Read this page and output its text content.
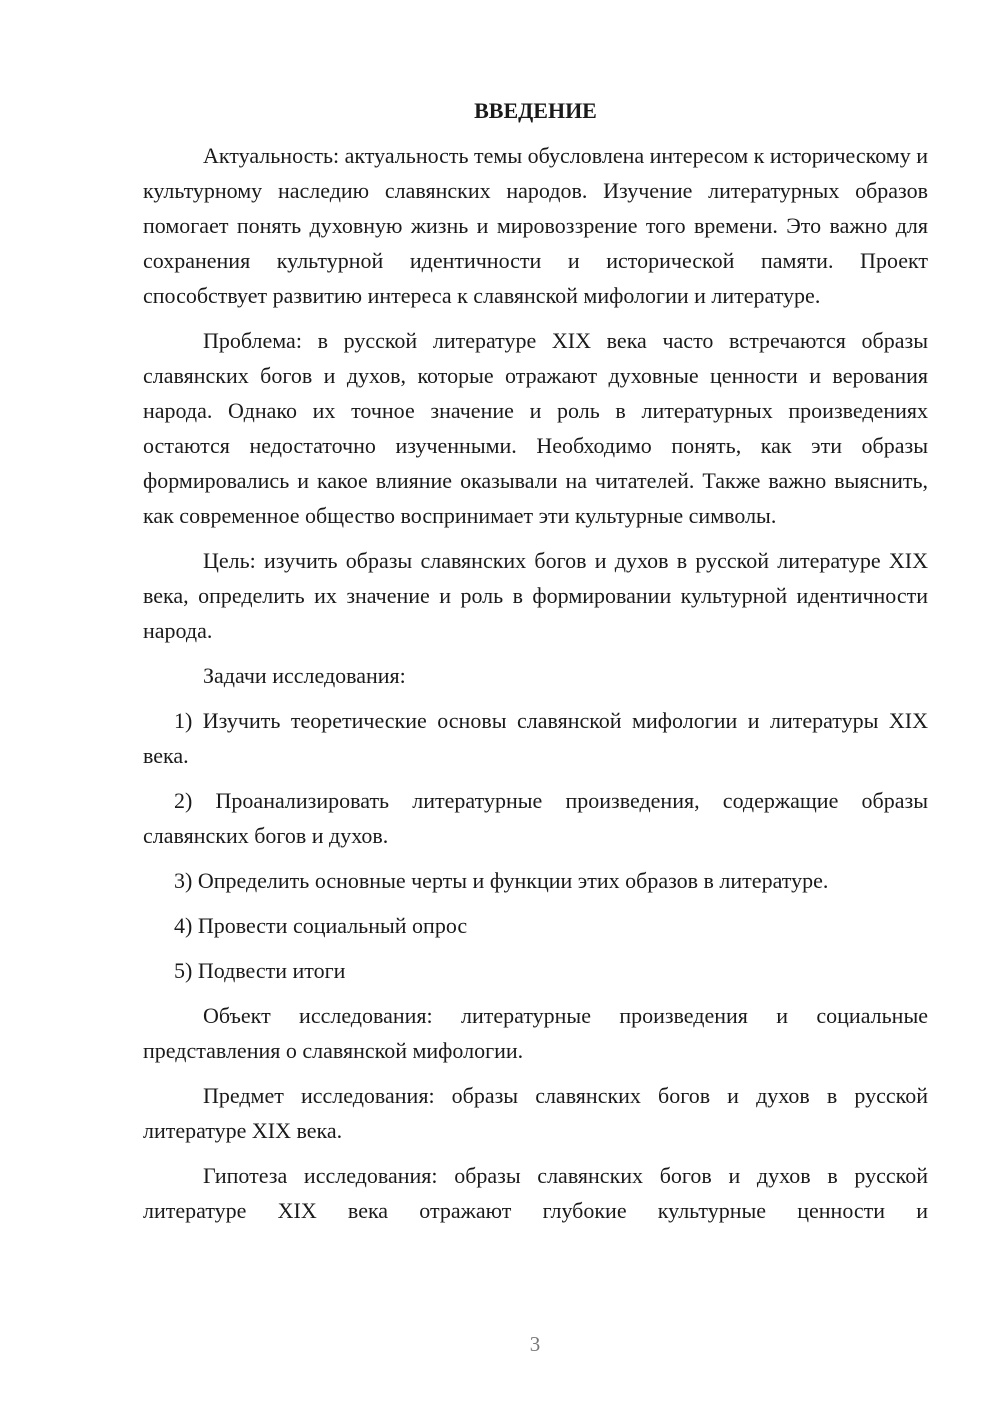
ВВЕДЕНИЕ

Актуальность: актуальность темы обусловлена интересом к историческому и культурному наследию славянских народов. Изучение литературных образов помогает понять духовную жизнь и мировоззрение того времени. Это важно для сохранения культурной идентичности и исторической памяти. Проект способствует развитию интереса к славянской мифологии и литературе.

Проблема: в русской литературе XIX века часто встречаются образы славянских богов и духов, которые отражают духовные ценности и верования народа. Однако их точное значение и роль в литературных произведениях остаются недостаточно изученными. Необходимо понять, как эти образы формировались и какое влияние оказывали на читателей. Также важно выяснить, как современное общество воспринимает эти культурные символы.

Цель: изучить образы славянских богов и духов в русской литературе XIX века, определить их значение и роль в формировании культурной идентичности народа.

Задачи исследования:

1) Изучить теоретические основы славянской мифологии и литературы XIX века.

2) Проанализировать литературные произведения, содержащие образы славянских богов и духов.

3) Определить основные черты и функции этих образов в литературе.

4) Провести социальный опрос

5) Подвести итоги

Объект исследования: литературные произведения и социальные представления о славянской мифологии.

Предмет исследования: образы славянских богов и духов в русской литературе XIX века.

Гипотеза исследования: образы славянских богов и духов в русской литературе XIX века отражают глубокие культурные ценности и

3
